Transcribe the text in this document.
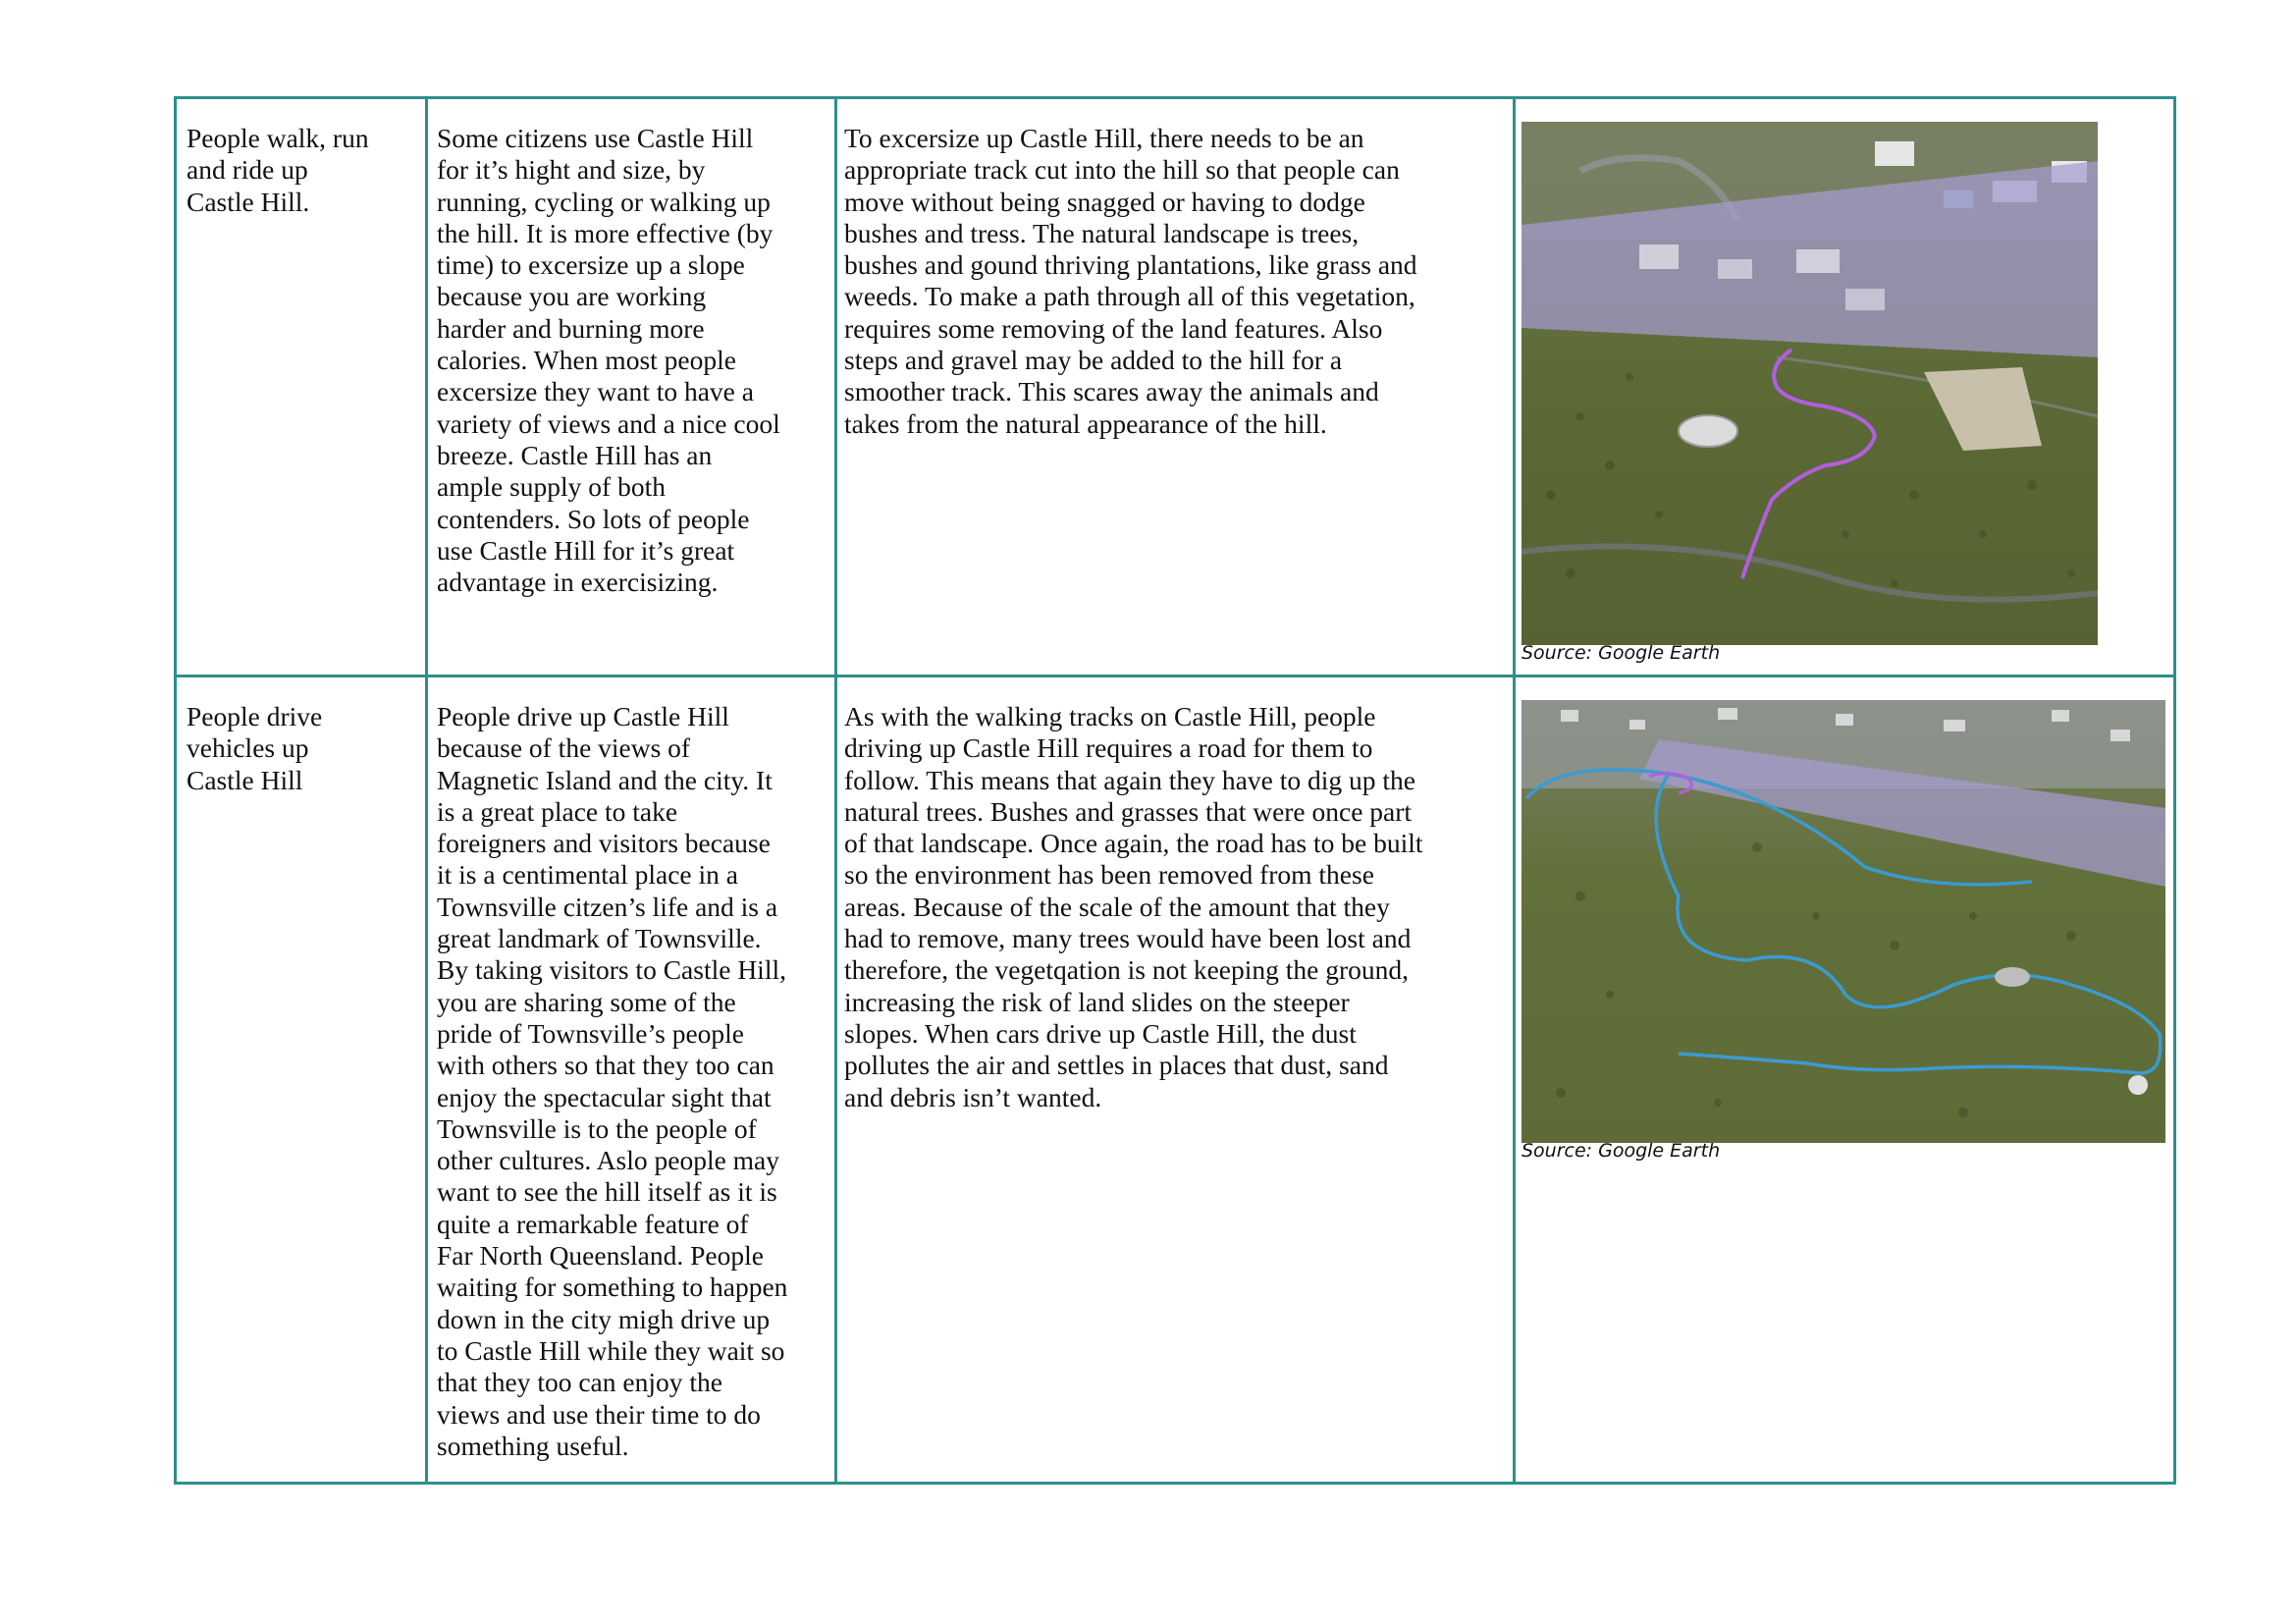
People walk, run
and ride up
Castle Hill.
Some citizens use Castle Hill
for it’s hight and size, by
running, cycling or walking up
the hill. It is more effective (by
time) to excersize up a slope
because you are working
harder and burning more
calories. When most people
excersize they want to have a
variety of views and a nice cool
breeze. Castle Hill has an
ample supply of both
contenders. So lots of people
use Castle Hill for it’s great
advantage in exercisizing.
To excersize up Castle Hill, there needs to be an
appropriate track cut into the hill so that people can
move without being snagged or having to dodge
bushes and tress. The natural landscape is trees,
bushes and gound thriving plantations, like grass and
weeds. To make a path through all of this vegetation,
requires some removing of the land features. Also
steps and gravel may be added to the hill for a
smoother track. This scares away the animals and
takes from the natural appearance of the hill.
Source: Google Earth
People drive
vehicles up
Castle Hill
People drive up Castle Hill
because of the views of
Magnetic Island and the city. It
is a great place to take
foreigners and visitors because
it is a centimental place in a
Townsville citzen’s life and is a
great landmark of Townsville.
By taking visitors to Castle Hill,
you are sharing some of the
pride of Townsville’s people
with others so that they too can
enjoy the spectacular sight that
Townsville is to the people of
other cultures. Aslo people may
want to see the hill itself as it is
quite a remarkable feature of
Far North Queensland. People
waiting for something to happen
down in the city migh drive up
to Castle Hill while they wait so
that they too can enjoy the
views and use their time to do
something useful.
As with the walking tracks on Castle Hill, people
driving up Castle Hill requires a road for them to
follow. This means that again they have to dig up the
natural trees. Bushes and grasses that were once part
of that landscape. Once again, the road has to be built
so the environment has been removed from these
areas. Because of the scale of the amount that they
had to remove, many trees would have been lost and
therefore, the vegetqation is not keeping the ground,
increasing the risk of land slides on the steeper
slopes. When cars drive up Castle Hill, the dust
pollutes the air and settles in places that dust, sand
and debris isn’t wanted.
Source: Google Earth
